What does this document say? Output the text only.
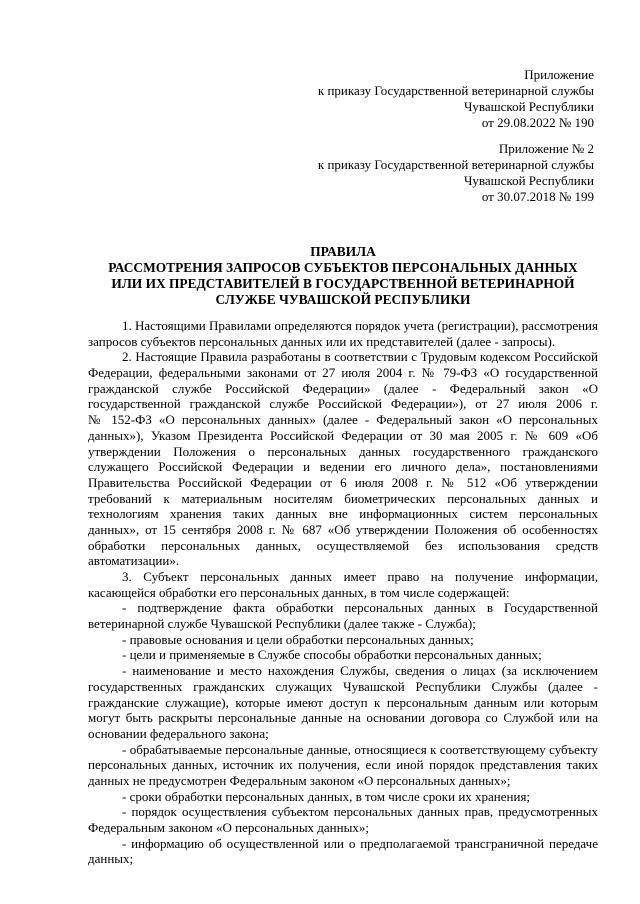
Приложение
к приказу Государственной ветеринарной службы
Чувашской Республики
от 29.08.2022 № 190
Приложение № 2
к приказу Государственной ветеринарной службы
Чувашской Республики
от 30.07.2018 № 199
ПРАВИЛА
РАССМОТРЕНИЯ ЗАПРОСОВ СУБЪЕКТОВ ПЕРСОНАЛЬНЫХ ДАННЫХ
ИЛИ ИХ ПРЕДСТАВИТЕЛЕЙ В ГОСУДАРСТВЕННОЙ ВЕТЕРИНАРНОЙ
СЛУЖБЕ ЧУВАШСКОЙ РЕСПУБЛИКИ
1. Настоящими Правилами определяются порядок учета (регистрации), рассмотрения
запросов субъектов персональных данных или их представителей (далее - запросы).
2. Настоящие Правила разработаны в соответствии с Трудовым кодексом Российской
Федерации, федеральными законами от 27 июля 2004 г. № 79-ФЗ «О государственной
гражданской службе Российской Федерации» (далее - Федеральный закон «О
государственной гражданской службе Российской Федерации»), от 27 июля 2006 г.
№ 152-ФЗ «О персональных данных» (далее - Федеральный закон «О персональных
данных»), Указом Президента Российской Федерации от 30 мая 2005 г. № 609 «Об
утверждении Положения о персональных данных государственного гражданского
служащего Российской Федерации и ведении его личного дела», постановлениями
Правительства Российской Федерации от 6 июля 2008 г. № 512 «Об утверждении
требований к материальным носителям биометрических персональных данных и
технологиям хранения таких данных вне информационных систем персональных
данных», от 15 сентября 2008 г. № 687 «Об утверждении Положения об особенностях
обработки персональных данных, осуществляемой без использования средств
автоматизации».
3. Субъект персональных данных имеет право на получение информации,
касающейся обработки его персональных данных, в том числе содержащей:
- подтверждение факта обработки персональных данных в Государственной
ветеринарной службе Чувашской Республики (далее также - Служба);
- правовые основания и цели обработки персональных данных;
- цели и применяемые в Службе способы обработки персональных данных;
- наименование и место нахождения Службы, сведения о лицах (за исключением
государственных гражданских служащих Чувашской Республики Службы (далее -
гражданские служащие), которые имеют доступ к персональным данным или которым
могут быть раскрыты персональные данные на основании договора со Службой или на
основании федерального закона;
- обрабатываемые персональные данные, относящиеся к соответствующему субъекту
персональных данных, источник их получения, если иной порядок представления таких
данных не предусмотрен Федеральным законом «О персональных данных»;
- сроки обработки персональных данных, в том числе сроки их хранения;
- порядок осуществления субъектом персональных данных прав, предусмотренных
Федеральным законом «О персональных данных»;
- информацию об осуществленной или о предполагаемой трансграничной передаче
данных;
